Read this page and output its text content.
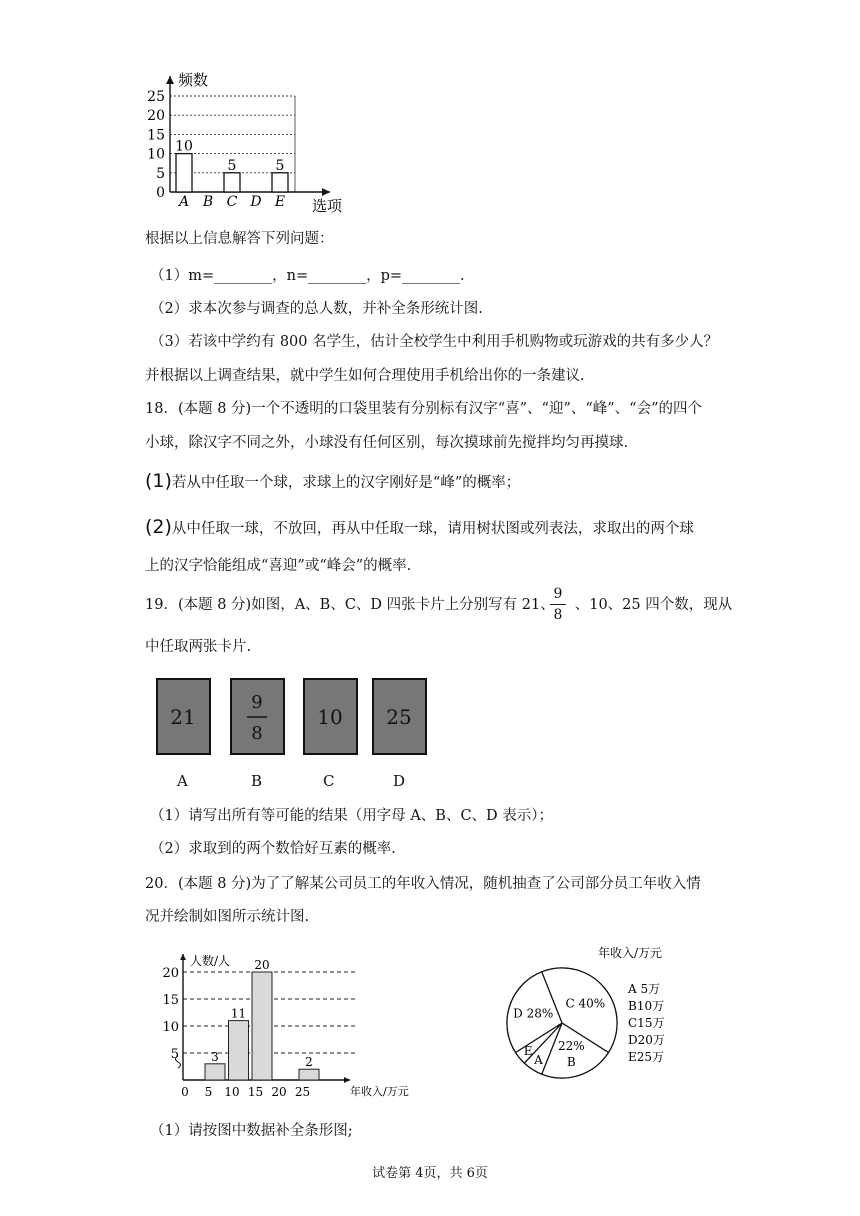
0
5
10
15
20
25
频数
选项
A
10
B C
5
D E
5
根据以上信息解答下列问题：
（1）m=________，n=________，p=________.
（2）求本次参与调查的总人数，并补全条形统计图.
（3）若该中学约有 800 名学生，估计全校学生中利用手机购物或玩游戏的共有多少人？
并根据以上调查结果，就中学生如何合理使用手机给出你的一条建议.
18．(本题 8 分)一个不透明的口袋里装有分别标有汉字“喜”、“迎”、“峰”、“会”的四个
小球，除汉字不同之外，小球没有任何区别，每次摸球前先搅拌均匀再摸球.
(1)若从中任取一个球，求球上的汉字刚好是“峰”的概率；
(2)从中任取一球，不放回，再从中任取一球，请用树状图或列表法，求取出的两个球
上的汉字恰能组成“喜迎”或“峰会”的概率.
19．(本题 8 分)如图，A、B、C、D 四张卡片上分别写有 21、 、10、25 四个数，现从
9
8
中任取两张卡片.
21
9
8
10 25
A	B	C	D
（1）请写出所有等可能的结果（用字母 A、B、C、D 表示）；
（2）求取到的两个数恰好互素的概率.
20．(本题 8 分)为了了解某公司员工的年收入情况，随机抽查了公司部分员工年收入情
况并绘制如图所示统计图.
5
10
15
20
人数/人
0 5 10 15 20 25	年收入/万元
3
11
20
2
C 40%
22%
B
A
E
D 28%
年收入/万元
A 5万
B10万
C15万
D20万
E25万
（1）请按图中数据补全条形图;
试卷第 4页，共 6页
